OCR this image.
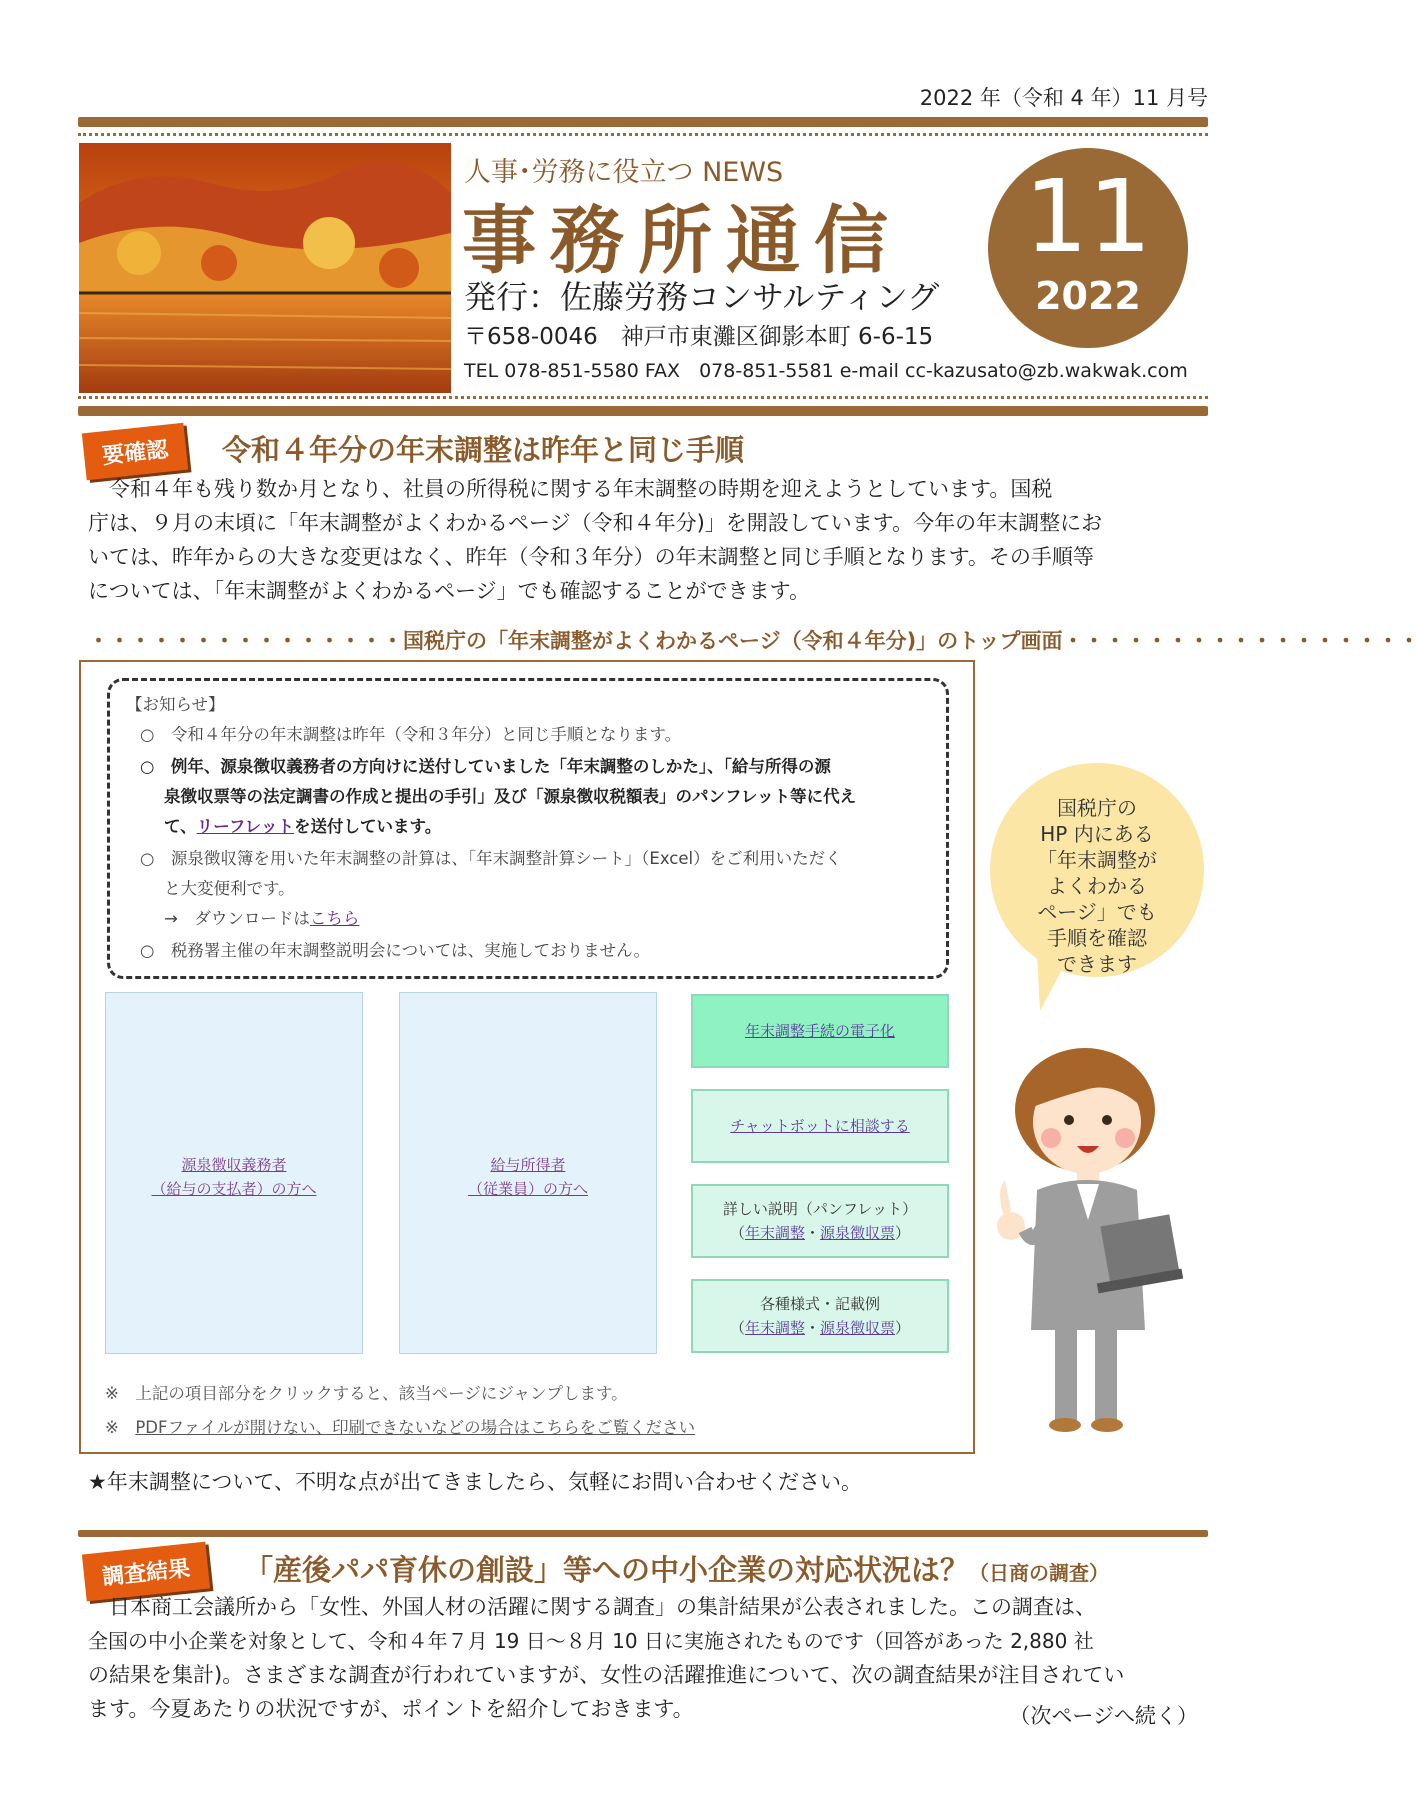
2022 年（令和 4 年）11 月号
人事･労務に役立つ NEWS
事務所通信
発行：佐藤労務コンサルティング
〒658-0046　神戸市東灘区御影本町 6-6-15
TEL 078-851-5580 FAX　078-851-5581 e-mail cc-kazusato@zb.wakwak.com
11
2022
要確認	令和４年分の年末調整は昨年と同じ手順
令和４年も残り数か月となり、社員の所得税に関する年末調整の時期を迎えようとしています。国税
庁は、９月の末頃に「年末調整がよくわかるページ（令和４年分)」を開設しています。今年の年末調整にお
いては、昨年からの大きな変更はなく、昨年（令和３年分）の年末調整と同じ手順となります。その手順等
については、「年末調整がよくわかるページ」でも確認することができます。
・・・・・・・・・・・・・・・国税庁の「年末調整がよくわかるページ（令和４年分)」のトップ画面・・・・・・・・・・・・・・・・・
【お知らせ】
○　令和４年分の年末調整は昨年（令和３年分）と同じ手順となります。
○　例年、源泉徴収義務者の方向けに送付していました「年末調整のしかた」、「給与所得の源
泉徴収票等の法定調書の作成と提出の手引」及び「源泉徴収税額表」のパンフレット等に代え
て、リーフレットを送付しています。
○　源泉徴収簿を用いた年末調整の計算は、「年末調整計算シート」（Excel）をご利用いただく
と大変便利です。
→　ダウンロードはこちら
○　税務署主催の年末調整説明会については、実施しておりません。
源泉徴収義務者
（給与の支払者）の方へ
給与所得者
（従業員）の方へ
年末調整手続の電子化
チャットボットに相談する
詳しい説明（パンフレット）
（年末調整・源泉徴収票）
各種様式・記載例
（年末調整・源泉徴収票）
※　上記の項目部分をクリックすると、該当ページにジャンプします。
※　PDFファイルが開けない、印刷できないなどの場合はこちらをご覧ください
国税庁の
HP 内にある
「年末調整が
よくわかる
ページ」でも
手順を確認
できます
★年末調整について、不明な点が出てきましたら、気軽にお問い合わせください。
調査結果	「産後パパ育休の創設」等への中小企業の対応状況は？（日商の調査）
日本商工会議所から「女性、外国人材の活躍に関する調査」の集計結果が公表されました。この調査は、
全国の中小企業を対象として、令和４年７月 19 日～８月 10 日に実施されたものです（回答があった 2,880 社
の結果を集計)。さまざまな調査が行われていますが、女性の活躍推進について、次の調査結果が注目されてい
ます。今夏あたりの状況ですが、ポイントを紹介しておきます。	（次ページへ続く）
